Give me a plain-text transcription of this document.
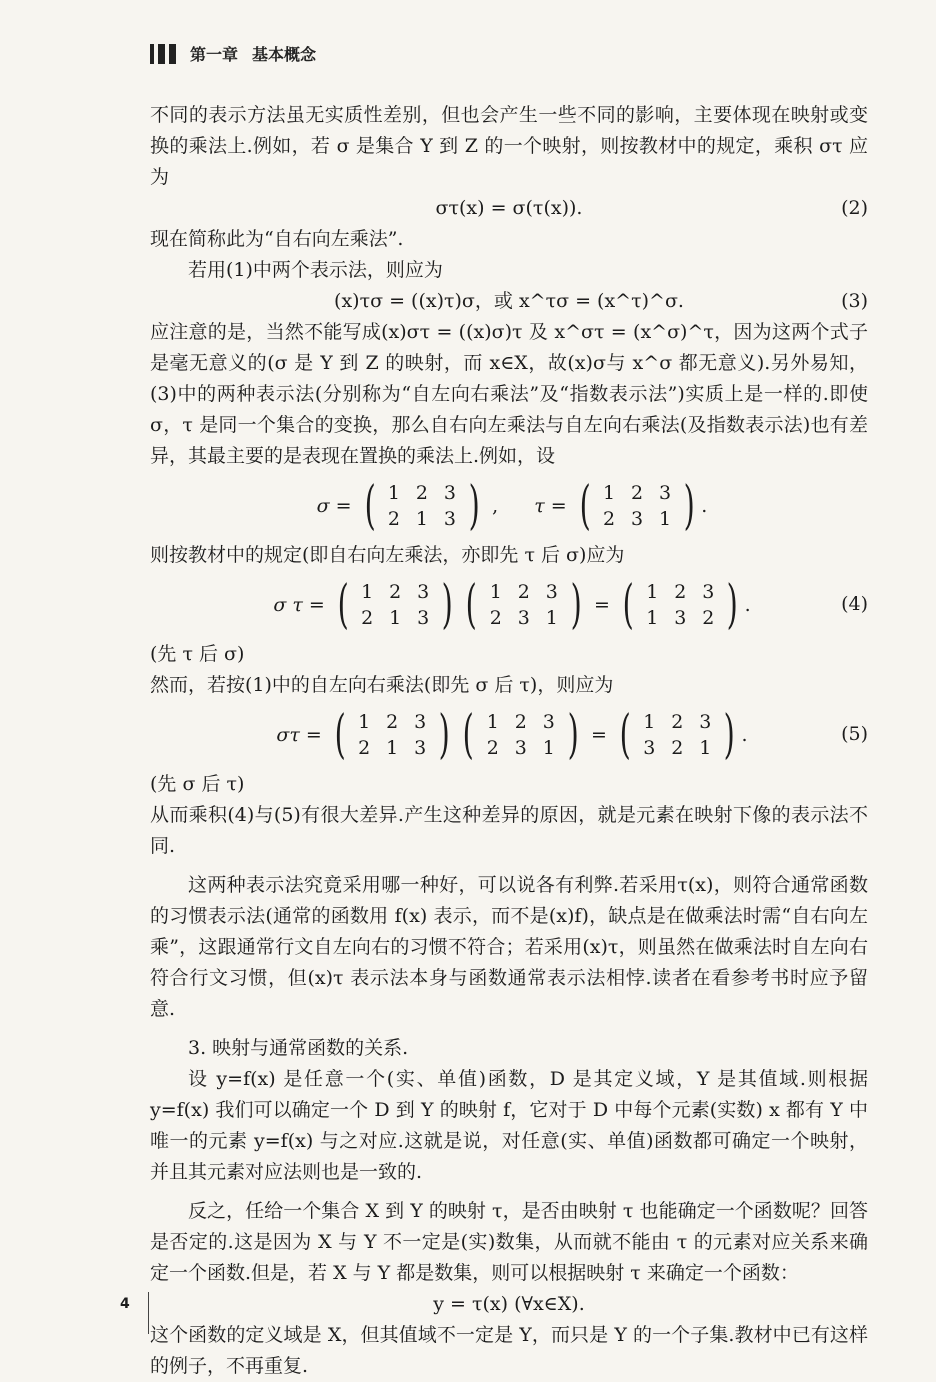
第一章 基本概念

不同的表示方法虽无实质性差别，但也会产生一些不同的影响，主要体现在映射或变换的乘法上.例如，若 σ 是集合 Y 到 Z 的一个映射，则按教材中的规定，乘积 στ 应为

στ(x) = σ(τ(x)).	(2)

现在简称此为“自右向左乘法”.

若用(1)中两个表示法，则应为

(x)τσ = ((x)τ)σ，或 x^τσ = (x^τ)^σ.	(3)

应注意的是，当然不能写成(x)στ = ((x)σ)τ 及 x^στ = (x^σ)^τ，因为这两个式子是毫无意义的(σ 是 Y 到 Z 的映射，而 x∈X，故(x)σ与 x^σ 都无意义).另外易知，(3)中的两种表示法(分别称为“自左向右乘法”及“指数表示法”)实质上是一样的.即使 σ，τ 是同一个集合的变换，那么自右向左乘法与自左向右乘法(及指数表示法)也有差异，其最主要的是表现在置换的乘法上.例如，设

σ = ( 1 2 3
2 1 3 ) , τ = ( 1 2 3
2 3 1 ) .

则按教材中的规定(即自右向左乘法，亦即先 τ 后 σ)应为

σ τ = ( 1 2 3
2 1 3 ) ( 1 2 3
2 3 1 ) = ( 1 2 3
1 3 2 ) .	(4)

(先 τ 后 σ)

然而，若按(1)中的自左向右乘法(即先 σ 后 τ)，则应为

στ = ( 1 2 3
2 1 3 ) ( 1 2 3
2 3 1 ) = ( 1 2 3
3 2 1 ) .	(5)

(先 σ 后 τ)

从而乘积(4)与(5)有很大差异.产生这种差异的原因，就是元素在映射下像的表示法不同.

这两种表示法究竟采用哪一种好，可以说各有利弊.若采用τ(x)，则符合通常函数的习惯表示法(通常的函数用 f(x) 表示，而不是(x)f)，缺点是在做乘法时需“自右向左乘”，这跟通常行文自左向右的习惯不符合；若采用(x)τ，则虽然在做乘法时自左向右符合行文习惯，但(x)τ 表示法本身与函数通常表示法相悖.读者在看参考书时应予留意.

3. 映射与通常函数的关系.

设 y=f(x) 是任意一个(实、单值)函数，D 是其定义域，Y 是其值域.则根据 y=f(x) 我们可以确定一个 D 到 Y 的映射 f，它对于 D 中每个元素(实数) x 都有 Y 中唯一的元素 y=f(x) 与之对应.这就是说，对任意(实、单值)函数都可确定一个映射，并且其元素对应法则也是一致的.

反之，任给一个集合 X 到 Y 的映射 τ，是否由映射 τ 也能确定一个函数呢？回答是否定的.这是因为 X 与 Y 不一定是(实)数集，从而就不能由 τ 的元素对应关系来确定一个函数.但是，若 X 与 Y 都是数集，则可以根据映射 τ 来确定一个函数：

y = τ(x) (∀x∈X).

这个函数的定义域是 X，但其值域不一定是 Y，而只是 Y 的一个子集.教材中已有这样的例子，不再重复.

4
